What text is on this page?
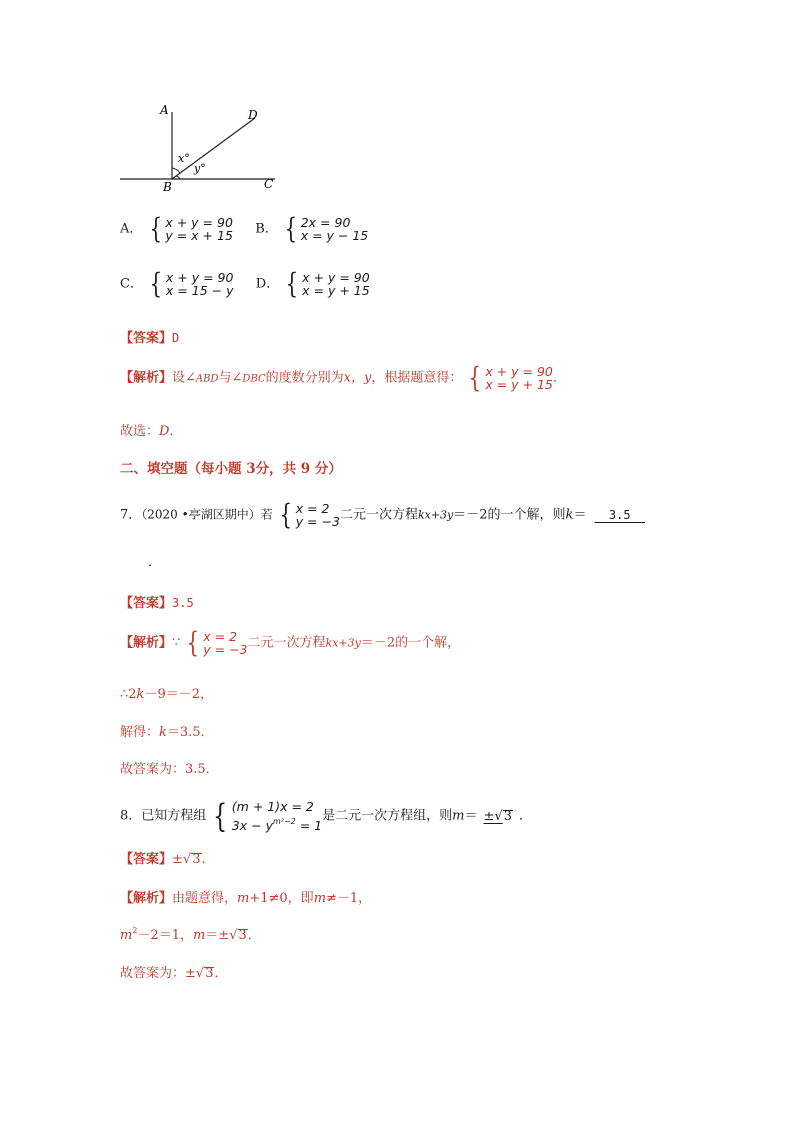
A	D
B	C
x°
y°
A． { x + y = 90
y = x + 15 B． { 2x = 90
x = y − 15
C． { x + y = 90
x = 15 − y D． { x + y = 90
x = y + 15
【答案】D
【解析】设∠ABD与∠DBC的度数分别为x，y，根据题意得： { x + y = 90
x = y + 15 ．
故选：D．
二、填空题（每小题 3分，共 9 分）
7．（2020 •亭湖区期中）若 { x = 2
y = −3 二元一次方程kx+3y＝－2的一个解，则k＝  3.5
．
【答案】3.5
【解析】∵ { x = 2
y = −3 二元一次方程kx+3y＝－2的一个解，
∴2k－9＝－2，
解得：k＝3.5．
故答案为：3.5．
8．已知方程组 { (m + 1)x = 2
$3x - y^{m^2-2} = 1$
是二元一次方程组，则m＝ ±√3 ．
【答案】±√3．
【解析】由题意得，m+1≠0，即m≠－1，
$m^2-2=1$，m＝±√3．
故答案为：±√3．
